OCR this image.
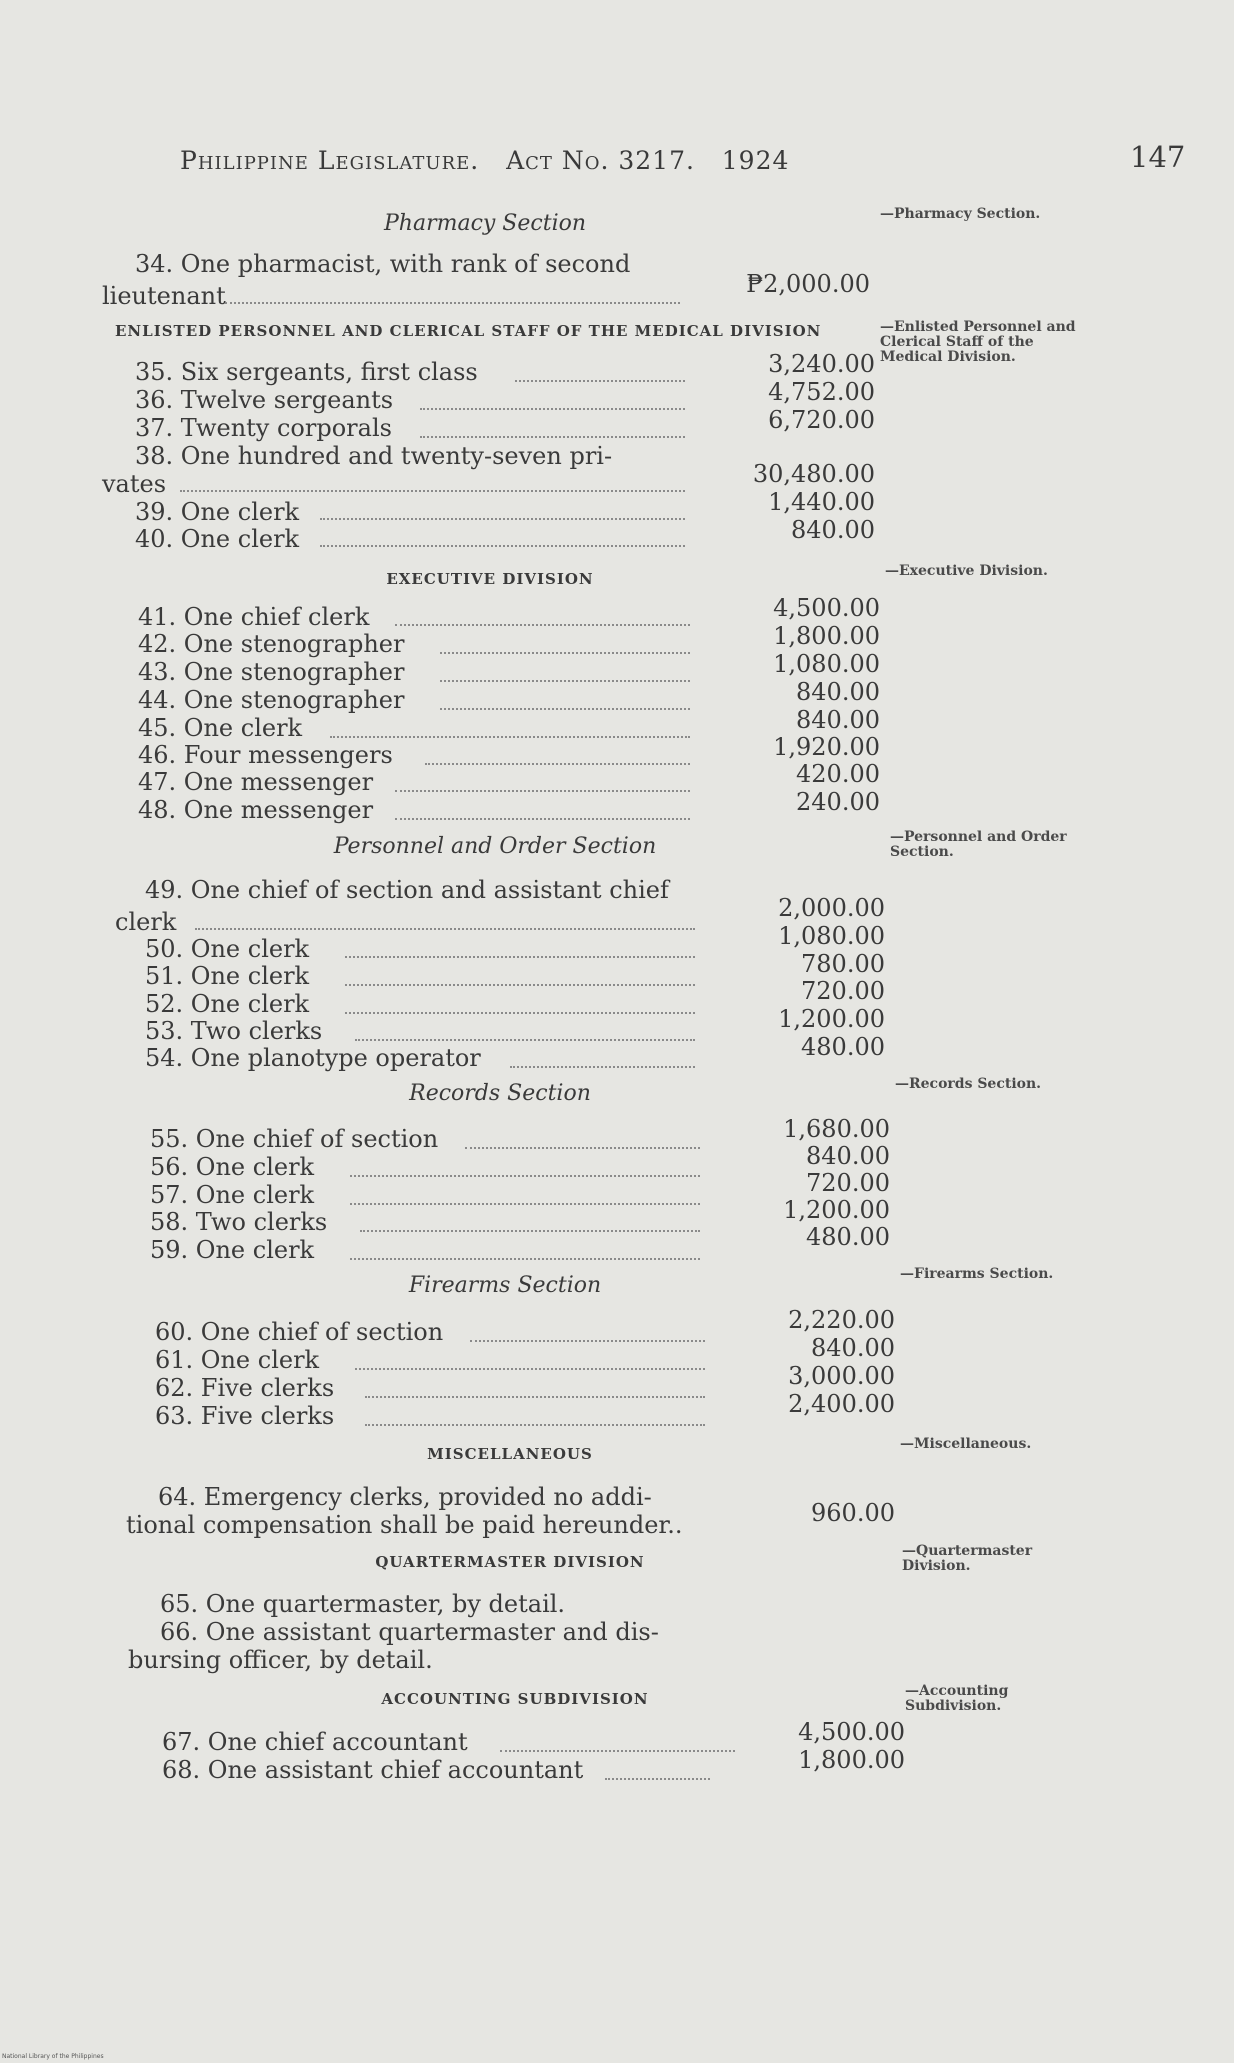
Philippine Legislature. Act No. 3217. 1924	147
Pharmacy Section	—Pharmacy Section.
34. One pharmacist, with rank of second
lieutenant	₱2,000.00
ENLISTED PERSONNEL AND CLERICAL STAFF OF THE MEDICAL DIVISION	—Enlisted Personnel and Clerical Staff of the Medical Division.
35. Six sergeants, first class	3,240.00
36. Twelve sergeants	4,752.00
37. Twenty corporals	6,720.00
38. One hundred and twenty-seven pri-
vates	30,480.00
39. One clerk	1,440.00
40. One clerk	840.00
EXECUTIVE DIVISION	—Executive Division.
41. One chief clerk	4,500.00
42. One stenographer	1,800.00
43. One stenographer	1,080.00
44. One stenographer	840.00
45. One clerk	840.00
46. Four messengers	1,920.00
47. One messenger	420.00
48. One messenger	240.00
Personnel and Order Section	—Personnel and Order Section.
49. One chief of section and assistant chief
clerk	2,000.00
50. One clerk	1,080.00
51. One clerk	780.00
52. One clerk	720.00
53. Two clerks	1,200.00
54. One planotype operator	480.00
Records Section	—Records Section.
55. One chief of section	1,680.00
56. One clerk	840.00
57. One clerk	720.00
58. Two clerks	1,200.00
59. One clerk	480.00
Firearms Section	—Firearms Section.
60. One chief of section	2,220.00
61. One clerk	840.00
62. Five clerks	3,000.00
63. Five clerks	2,400.00
MISCELLANEOUS
—Miscellaneous.
64. Emergency clerks, provided no addi-
tional compensation shall be paid hereunder..	960.00
QUARTERMASTER DIVISION
—Quartermaster Division.
65. One quartermaster, by detail.
66. One assistant quartermaster and dis-
bursing officer, by detail.
ACCOUNTING SUBDIVISION	—Accounting Subdivision.
67. One chief accountant	4,500.00
68. One assistant chief accountant	1,800.00
National Library of the Philippines
